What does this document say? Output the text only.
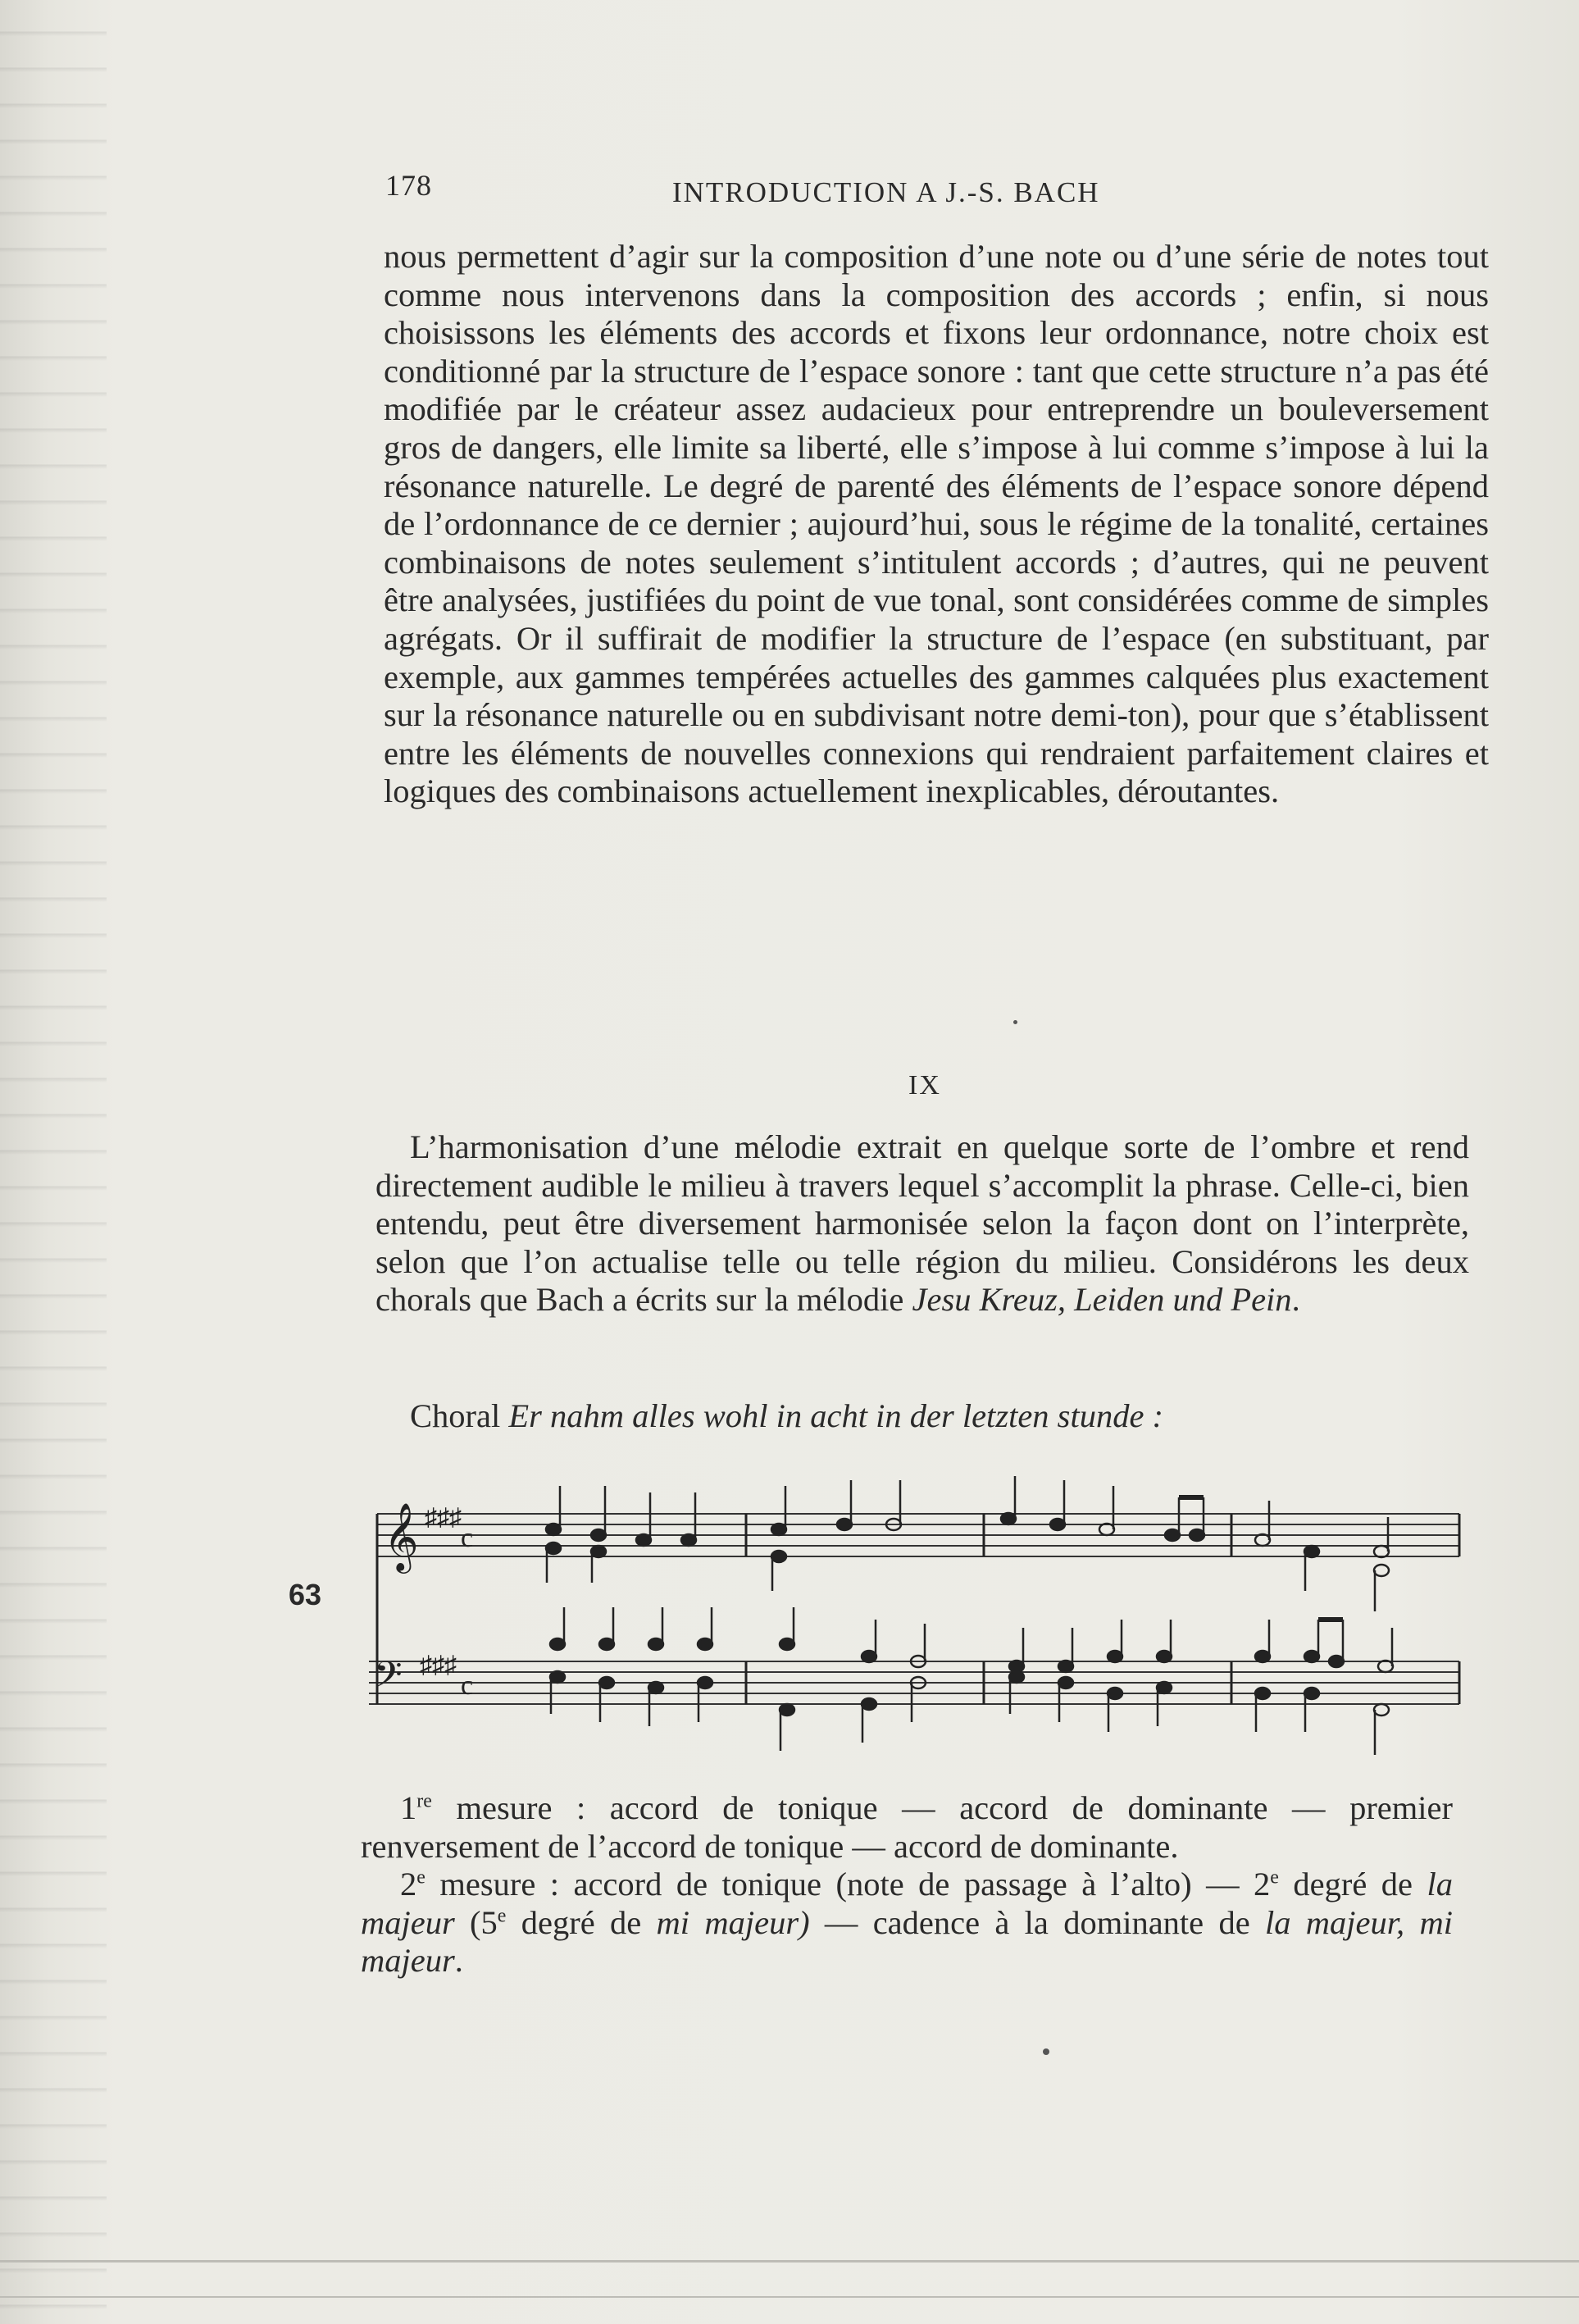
178	INTRODUCTION A J.-S. BACH

nous permettent d’agir sur la composition d’une note ou d’une série de notes tout comme nous intervenons dans la composition des accords ; enfin, si nous choisissons les éléments des accords et fixons leur ordonnance, notre choix est conditionné par la structure de l’espace sonore : tant que cette structure n’a pas été modifiée par le créateur assez audacieux pour entreprendre un bouleversement gros de dangers, elle limite sa liberté, elle s’impose à lui comme s’impose à lui la résonance naturelle. Le degré de parenté des éléments de l’espace sonore dépend de l’ordonnance de ce dernier ; aujourd’hui, sous le régime de la tonalité, certaines combinaisons de notes seulement s’intitulent accords ; d’autres, qui ne peuvent être analysées, justifiées du point de vue tonal, sont considérées comme de simples agrégats. Or il suffirait de modifier la structure de l’espace (en substituant, par exemple, aux gammes tempérées actuelles des gammes calquées plus exactement sur la résonance naturelle ou en subdivisant notre demi-ton), pour que s’établissent entre les éléments de nouvelles connexions qui rendraient parfaitement claires et logiques des combinaisons actuellement inexplicables, déroutantes.

IX

L’harmonisation d’une mélodie extrait en quelque sorte de l’ombre et rend directement audible le milieu à travers lequel s’accomplit la phrase. Celle-ci, bien entendu, peut être diversement harmonisée selon la façon dont on l’interprète, selon que l’on actualise telle ou telle région du milieu. Considérons les deux chorals que Bach a écrits sur la mélodie Jesu Kreuz, Leiden und Pein.

Choral Er nahm alles wohl in acht in der letzten stunde :

63
𝄞 ♯♯♯
c
𝄢 ♯♯♯
c

1re mesure : accord de tonique — accord de dominante — premier renversement de l’accord de tonique — accord de dominante.

2e mesure : accord de tonique (note de passage à l’alto) — 2e degré de la majeur (5e degré de mi majeur) — cadence à la dominante de la majeur, mi majeur.
